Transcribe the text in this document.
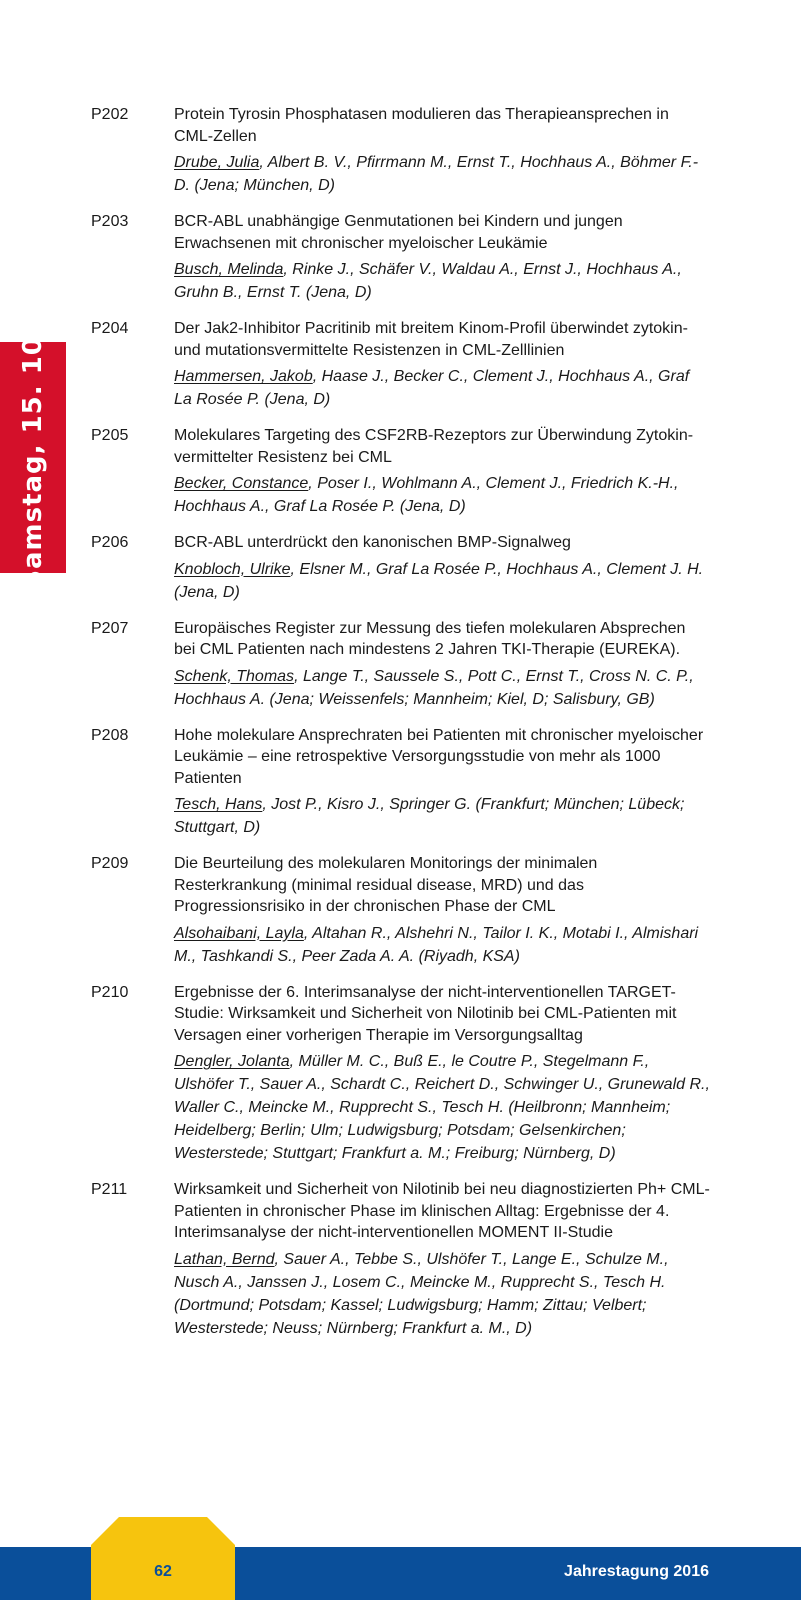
Samstag, 15. 10.
P202	Protein Tyrosin Phosphatasen modulieren das Therapieansprechen in CML-Zellen

Drube, Julia, Albert B. V., Pfirrmann M., Ernst T., Hochhaus A., Böhmer F.-D. (Jena; München, D)

P203	BCR-ABL unabhängige Genmutationen bei Kindern und jungen Erwachsenen mit chronischer myeloischer Leukämie

Busch, Melinda, Rinke J., Schäfer V., Waldau A., Ernst J., Hochhaus A., Gruhn B., Ernst T. (Jena, D)

P204	Der Jak2-Inhibitor Pacritinib mit breitem Kinom-Profil überwindet zytokin- und mutationsvermittelte Resistenzen in CML-Zelllinien

Hammersen, Jakob, Haase J., Becker C., Clement J., Hochhaus A., Graf La Rosée P. (Jena, D)

P205	Molekulares Targeting des CSF2RB-Rezeptors zur Überwindung Zytokin-vermittelter Resistenz bei CML

Becker, Constance, Poser I., Wohlmann A., Clement J., Friedrich K.-H., Hochhaus A., Graf La Rosée P. (Jena, D)

P206	BCR-ABL unterdrückt den kanonischen BMP-Signalweg

Knobloch, Ulrike, Elsner M., Graf La Rosée P., Hochhaus A., Clement J. H. (Jena, D)

P207	Europäisches Register zur Messung des tiefen molekularen Absprechen bei CML Patienten nach mindestens 2 Jahren TKI-Therapie (EUREKA).

Schenk, Thomas, Lange T., Saussele S., Pott C., Ernst T., Cross N. C. P., Hochhaus A. (Jena; Weissenfels; Mannheim; Kiel, D; Salisbury, GB)

P208	Hohe molekulare Ansprechraten bei Patienten mit chronischer myeloischer Leukämie – eine retrospektive Versorgungsstudie von mehr als 1000 Patienten

Tesch, Hans, Jost P., Kisro J., Springer G. (Frankfurt; München; Lübeck; Stuttgart, D)

P209	Die Beurteilung des molekularen Monitorings der minimalen Resterkrankung (minimal residual disease, MRD) und das Progressionsrisiko in der chronischen Phase der CML

Alsohaibani, Layla, Altahan R., Alshehri N., Tailor I. K., Motabi I., Almishari M., Tashkandi S., Peer Zada A. A. (Riyadh, KSA)

P210	Ergebnisse der 6. Interimsanalyse der nicht-interventionellen TARGET-Studie: Wirksamkeit und Sicherheit von Nilotinib bei CML-Patienten mit Versagen einer vorherigen Therapie im Versorgungsalltag

Dengler, Jolanta, Müller M. C., Buß E., le Coutre P., Stegelmann F., Ulshöfer T., Sauer A., Schardt C., Reichert D., Schwinger U., Grunewald R., Waller C., Meincke M., Rupprecht S., Tesch H. (Heilbronn; Mannheim; Heidelberg; Berlin; Ulm; Ludwigsburg; Potsdam; Gelsenkirchen; Westerstede; Stuttgart; Frankfurt a. M.; Freiburg; Nürnberg, D)

P211	Wirksamkeit und Sicherheit von Nilotinib bei neu diagnostizierten Ph+ CML-Patienten in chronischer Phase im klinischen Alltag: Ergebnisse der 4. Interimsanalyse der nicht-interventionellen MOMENT II-Studie

Lathan, Bernd, Sauer A., Tebbe S., Ulshöfer T., Lange E., Schulze M., Nusch A., Janssen J., Losem C., Meincke M., Rupprecht S., Tesch H. (Dortmund; Potsdam; Kassel; Ludwigsburg; Hamm; Zittau; Velbert; Westerstede; Neuss; Nürnberg; Frankfurt a. M., D)

62	Jahrestagung 2016
